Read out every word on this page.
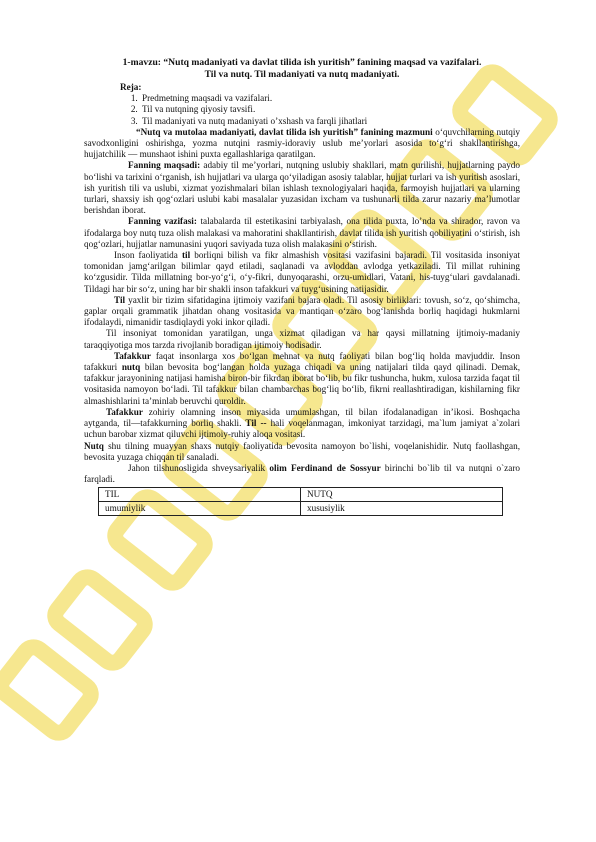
1-mavzu: “Nutq madaniyati va davlat tilida ish yuritish” fanining maqsad va vazifalari.
Til va nutq. Til madaniyati va nutq madaniyati.

Reja:

1. Predmetning maqsadi va vazifalari.
2. Til va nutqning qiyosiy tavsifi.
3. Til madaniyati va nutq madaniyati o’xshash va farqli jihatlari

“Nutq va mutolaa madaniyati, davlat tilida ish yuritish” fanining mazmuni o‘quvchilarning nutqiy savodxonligini oshirishga, yozma nutqini rasmiy-idoraviy uslub me’yorlari asosida to‘g‘ri shakllantirishga, hujjatchilik — munshaot ishini puxta egallashlariga qaratilgan.

Fanning maqsadi: adabiy til me’yorlari, nutqning uslubiy shakllari, matn qurilishi, hujjatlarning paydo bo‘lishi va tarixini o‘rganish, ish hujjatlari va ularga qo‘yiladigan asosiy talablar, hujjat turlari va ish yuritish asoslari, ish yuritish tili va uslubi, xizmat yozishmalari bilan ishlash texnologiyalari haqida, farmoyish hujjatlari va ularning turlari, shaxsiy ish qog‘ozlari uslubi kabi masalalar yuzasidan ixcham va tushunarli tilda zarur nazariy ma’lumotlar berishdan iborat.

Fanning vazifasi: talabalarda til estetikasini tarbiyalash, ona tilida puxta, lo’nda va shirador, ravon va ifodalarga boy nutq tuza olish malakasi va mahoratini shakllantirish, davlat tilida ish yuritish qobiliyatini o‘stirish, ish qog‘ozlari, hujjatlar namunasini yuqori saviyada tuza olish malakasini o‘stirish.

Inson faoliyatida til borliqni bilish va fikr almashish vositasi vazifasini bajaradi. Til vositasida insoniyat tomonidan jamg‘arilgan bilimlar qayd etiladi, saqlanadi va avloddan avlodga yetkaziladi. Til millat ruhining ko‘zgusidir. Tilda millatning bor-yo‘g‘i, o‘y-fikri, dunyoqarashi, orzu-umidlari, Vatani, his-tuyg‘ulari gavdalanadi. Tildagi har bir so‘z, uning har bir shakli inson tafakkuri va tuyg‘usining natijasidir.

Til yaxlit bir tizim sifatidagina ijtimoiy vazifani bajara oladi. Til asosiy birliklari: tovush, so‘z, qo‘shimcha, gaplar orqali grammatik jihatdan ohang vositasida va mantiqan o‘zaro bog‘lanishda borliq haqidagi hukmlarni ifodalaydi, nimanidir tasdiqlaydi yoki inkor qiladi.

Til insoniyat tomonidan yaratilgan, unga xizmat qiladigan va har qaysi millatning ijtimoiy-madaniy taraqqiyotiga mos tarzda rivojlanib boradigan ijtimoiy hodisadir.

Tafakkur faqat insonlarga xos bo‘lgan mehnat va nutq faoliyati bilan bog‘liq holda mavjuddir. Inson tafakkuri nutq bilan bevosita bog‘langan holda yuzaga chiqadi va uning natijalari tilda qayd qilinadi. Demak, tafakkur jarayonining natijasi hamisha biron-bir fikrdan iborat bo‘lib, bu fikr tushuncha, hukm, xulosa tarzida faqat til vositasida namoyon bo‘ladi. Til tafakkur bilan chambarchas bog‘liq bo‘lib, fikrni reallashtiradigan, kishilarning fikr almashishlarini ta’minlab beruvchi quroldir.

Tafakkur zohiriy olamning inson miyasida umumlashgan, til bilan ifodalanadigan in’ikosi. Boshqacha aytganda, til—tafakkurning borliq shakli. Til -- hali voqelanmagan, imkoniyat tarzidagi, ma`lum jamiyat a`zolari uchun barobar xizmat qiluvchi ijtimoiy-ruhiy aloqa vositasi.

Nutq shu tilning muayyan shaxs nutqiy faoliyatida bevosita namoyon bo`lishi, voqelanishidir. Nutq faollashgan, bevosita yuzaga chiqqan til sanaladi.

Jahon tilshunosligida shveysariyalik olim Ferdinand de Sossyur birinchi bo`lib til va nutqni o`zaro farqladi.

TIL	NUTQ
umumiylik	xususiylik
